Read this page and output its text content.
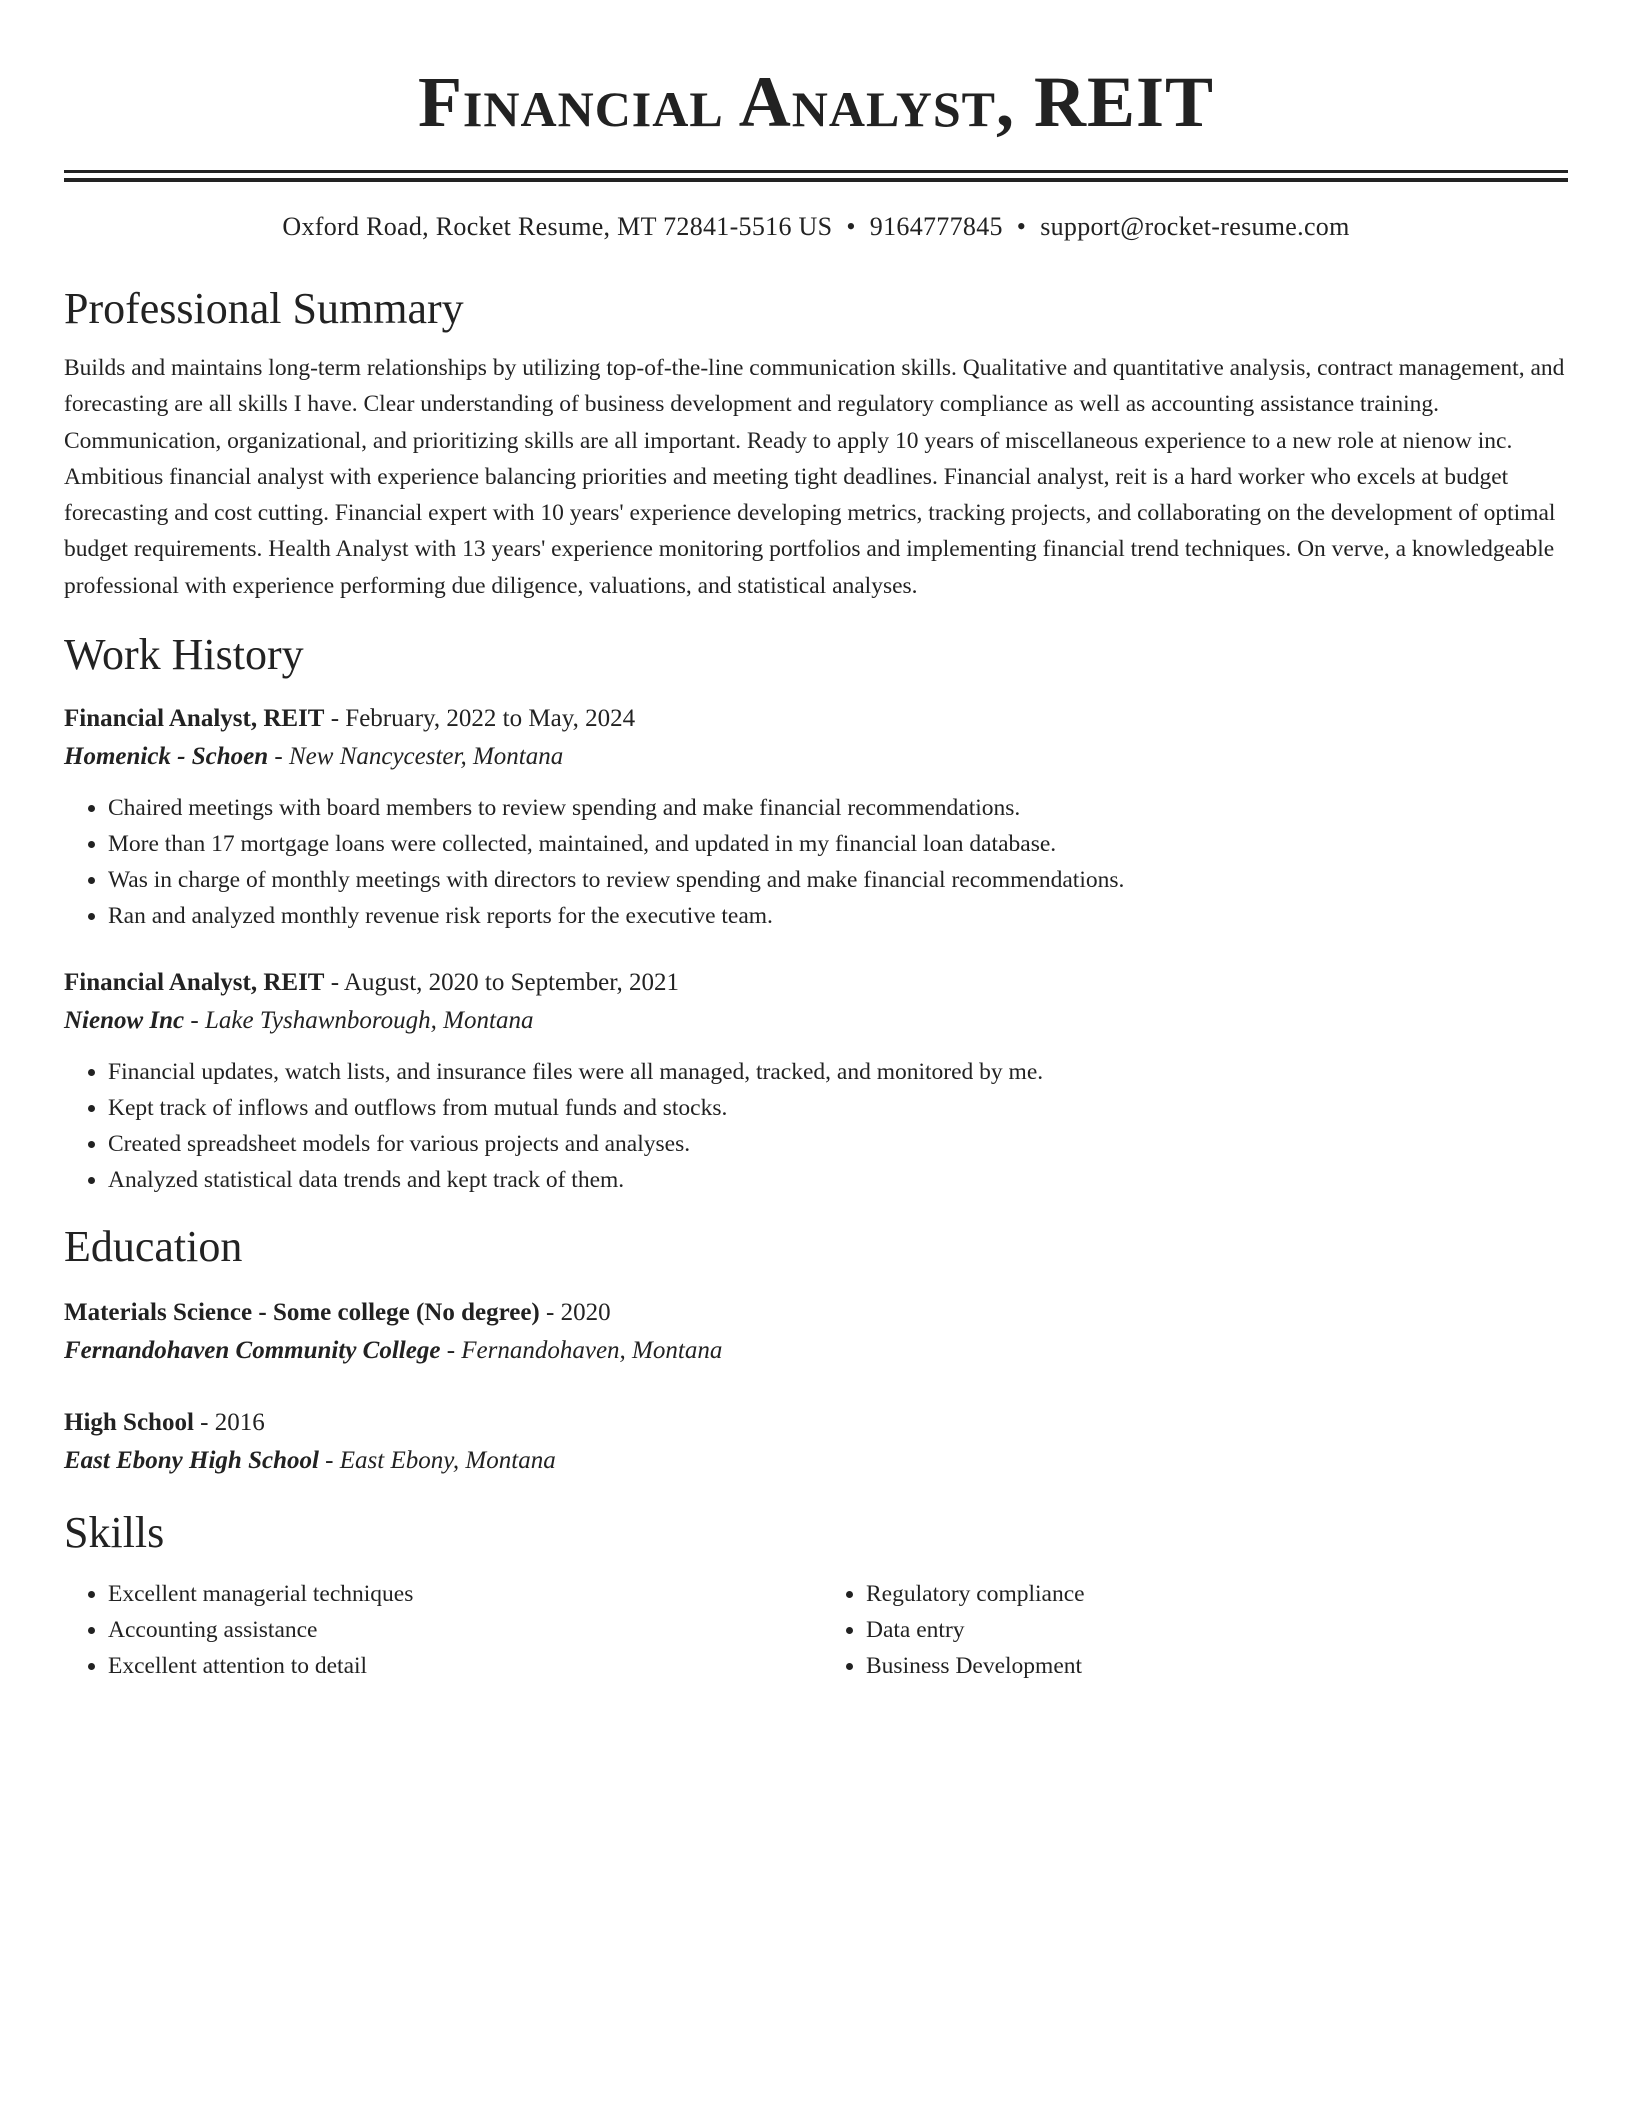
Financial Analyst, REIT
Oxford Road, Rocket Resume, MT 72841-5516 US • 9164777845 • support@rocket-resume.com
Professional Summary
Builds and maintains long-term relationships by utilizing top-of-the-line communication skills. Qualitative and quantitative analysis, contract management, and forecasting are all skills I have. Clear understanding of business development and regulatory compliance as well as accounting assistance training. Communication, organizational, and prioritizing skills are all important. Ready to apply 10 years of miscellaneous experience to a new role at nienow inc. Ambitious financial analyst with experience balancing priorities and meeting tight deadlines. Financial analyst, reit is a hard worker who excels at budget forecasting and cost cutting. Financial expert with 10 years' experience developing metrics, tracking projects, and collaborating on the development of optimal budget requirements. Health Analyst with 13 years' experience monitoring portfolios and implementing financial trend techniques. On verve, a knowledgeable professional with experience performing due diligence, valuations, and statistical analyses.
Work History
Financial Analyst, REIT - February, 2022 to May, 2024
Homenick - Schoen - New Nancycester, Montana
• Chaired meetings with board members to review spending and make financial recommendations.
• More than 17 mortgage loans were collected, maintained, and updated in my financial loan database.
• Was in charge of monthly meetings with directors to review spending and make financial recommendations.
• Ran and analyzed monthly revenue risk reports for the executive team.
Financial Analyst, REIT - August, 2020 to September, 2021
Nienow Inc - Lake Tyshawnborough, Montana
• Financial updates, watch lists, and insurance files were all managed, tracked, and monitored by me.
• Kept track of inflows and outflows from mutual funds and stocks.
• Created spreadsheet models for various projects and analyses.
• Analyzed statistical data trends and kept track of them.
Education
Materials Science - Some college (No degree) - 2020
Fernandohaven Community College - Fernandohaven, Montana
High School - 2016
East Ebony High School - East Ebony, Montana
Skills
• Excellent managerial techniques
• Accounting assistance
• Excellent attention to detail
• Regulatory compliance
• Data entry
• Business Development
